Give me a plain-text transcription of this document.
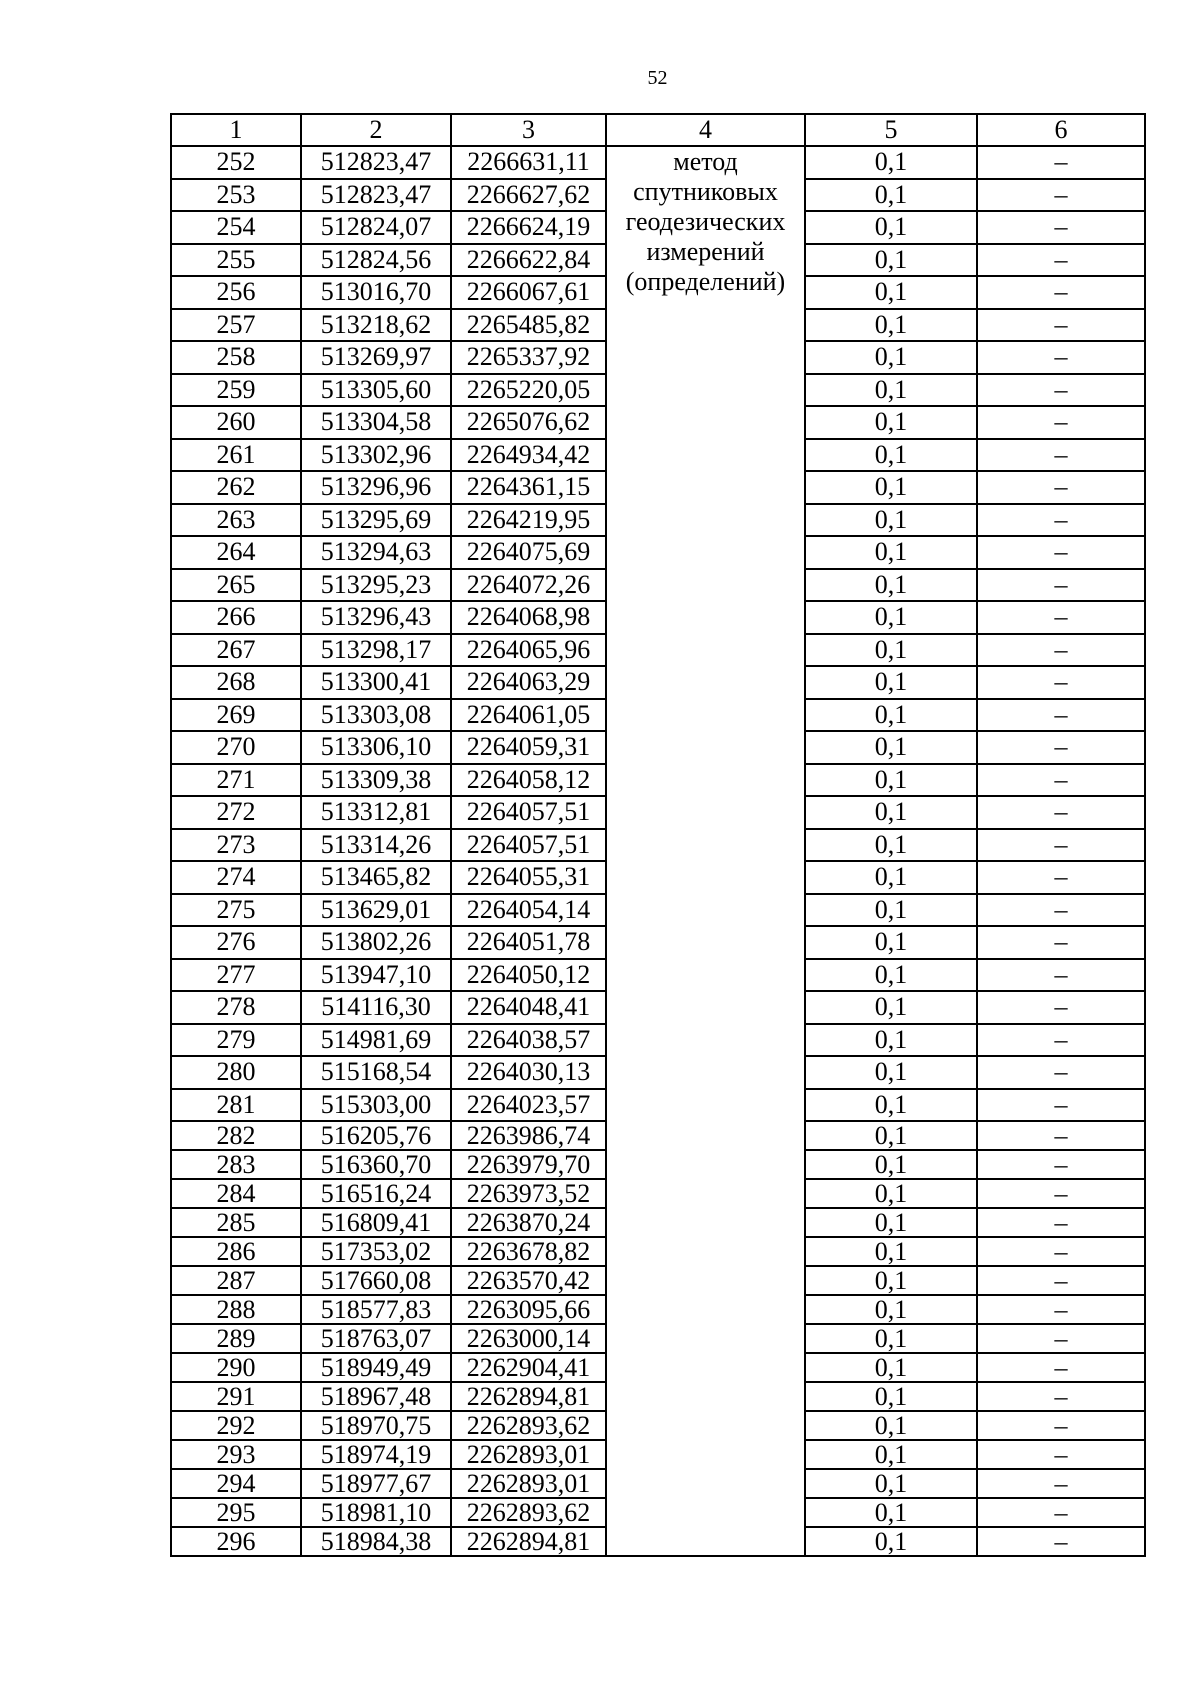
52
1	2	3	4	5	6
252	512823,47	2266631,11	метод
спутниковых
геодезических
измерений
(определений)	0,1	–
253	512823,47	2266627,62		0,1	–
254	512824,07	2266624,19		0,1	–
255	512824,56	2266622,84		0,1	–
256	513016,70	2266067,61		0,1	–
257	513218,62	2265485,82		0,1	–
258	513269,97	2265337,92		0,1	–
259	513305,60	2265220,05		0,1	–
260	513304,58	2265076,62		0,1	–
261	513302,96	2264934,42		0,1	–
262	513296,96	2264361,15		0,1	–
263	513295,69	2264219,95		0,1	–
264	513294,63	2264075,69		0,1	–
265	513295,23	2264072,26		0,1	–
266	513296,43	2264068,98		0,1	–
267	513298,17	2264065,96		0,1	–
268	513300,41	2264063,29		0,1	–
269	513303,08	2264061,05		0,1	–
270	513306,10	2264059,31		0,1	–
271	513309,38	2264058,12		0,1	–
272	513312,81	2264057,51		0,1	–
273	513314,26	2264057,51		0,1	–
274	513465,82	2264055,31		0,1	–
275	513629,01	2264054,14		0,1	–
276	513802,26	2264051,78		0,1	–
277	513947,10	2264050,12		0,1	–
278	514116,30	2264048,41		0,1	–
279	514981,69	2264038,57		0,1	–
280	515168,54	2264030,13		0,1	–
281	515303,00	2264023,57		0,1	–
282	516205,76	2263986,74		0,1	–
283	516360,70	2263979,70		0,1	–
284	516516,24	2263973,52		0,1	–
285	516809,41	2263870,24		0,1	–
286	517353,02	2263678,82		0,1	–
287	517660,08	2263570,42		0,1	–
288	518577,83	2263095,66		0,1	–
289	518763,07	2263000,14		0,1	–
290	518949,49	2262904,41		0,1	–
291	518967,48	2262894,81		0,1	–
292	518970,75	2262893,62		0,1	–
293	518974,19	2262893,01		0,1	–
294	518977,67	2262893,01		0,1	–
295	518981,10	2262893,62		0,1	–
296	518984,38	2262894,81		0,1	–
